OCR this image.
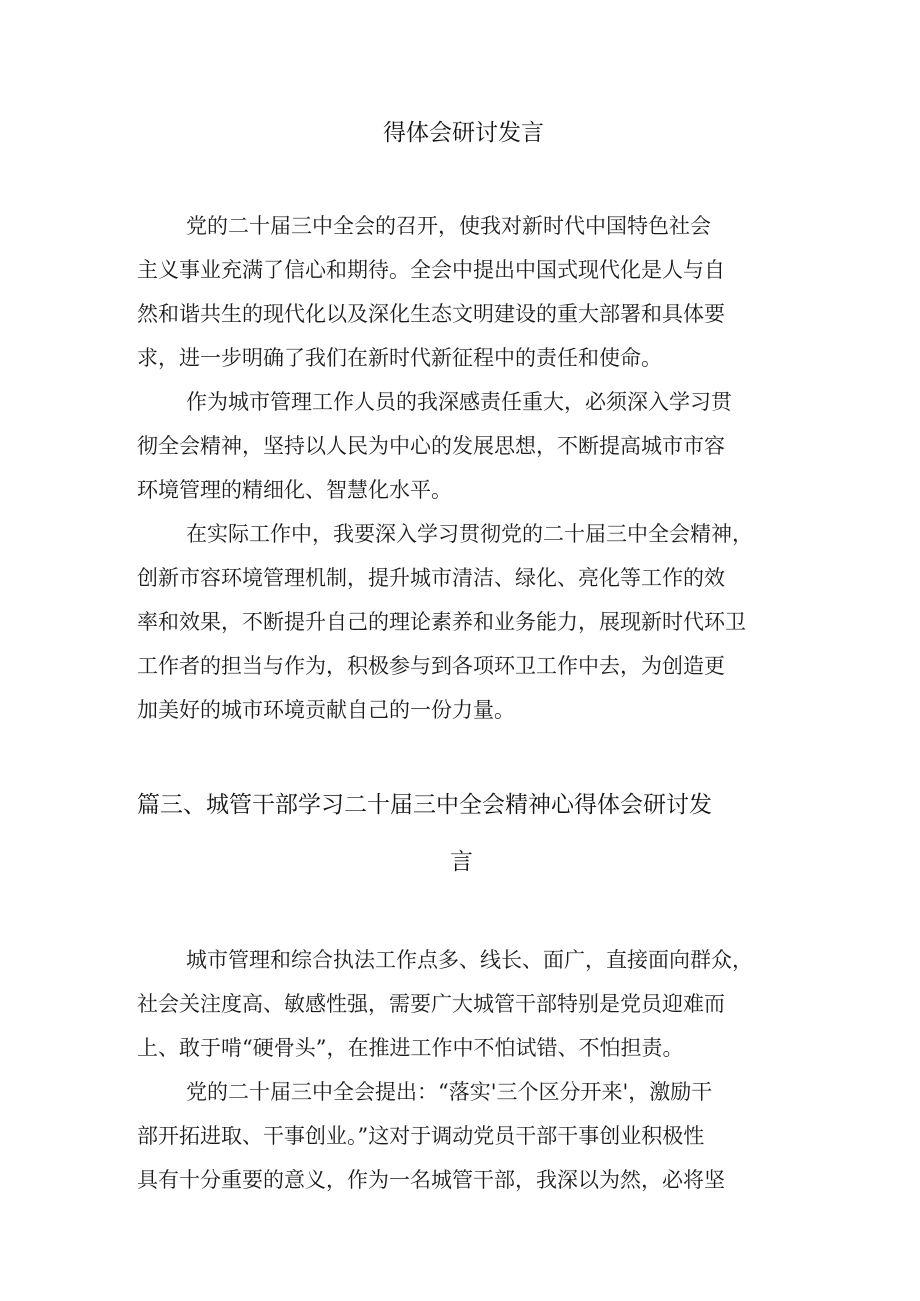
得体会研讨发言
党的二十届三中全会的召开，使我对新时代中国特色社会
主义事业充满了信心和期待。全会中提出中国式现代化是人与自
然和谐共生的现代化以及深化生态文明建设的重大部署和具体要
求，进一步明确了我们在新时代新征程中的责任和使命。
作为城市管理工作人员的我深感责任重大，必须深入学习贯
彻全会精神，坚持以人民为中心的发展思想，不断提高城市市容
环境管理的精细化、智慧化水平。
在实际工作中，我要深入学习贯彻党的二十届三中全会精神，
创新市容环境管理机制，提升城市清洁、绿化、亮化等工作的效
率和效果，不断提升自己的理论素养和业务能力，展现新时代环卫
工作者的担当与作为，积极参与到各项环卫工作中去，为创造更
加美好的城市环境贡献自己的一份力量。
篇三、城管干部学习二十届三中全会精神心得体会研讨发
言
城市管理和综合执法工作点多、线长、面广，直接面向群众，
社会关注度高、敏感性强，需要广大城管干部特别是党员迎难而
上、敢于啃“硬骨头”，在推进工作中不怕试错、不怕担责。
党的二十届三中全会提出：“落实'三个区分开来'，激励干
部开拓进取、干事创业。”这对于调动党员干部干事创业积极性
具有十分重要的意义，作为一名城管干部，我深以为然，必将坚
